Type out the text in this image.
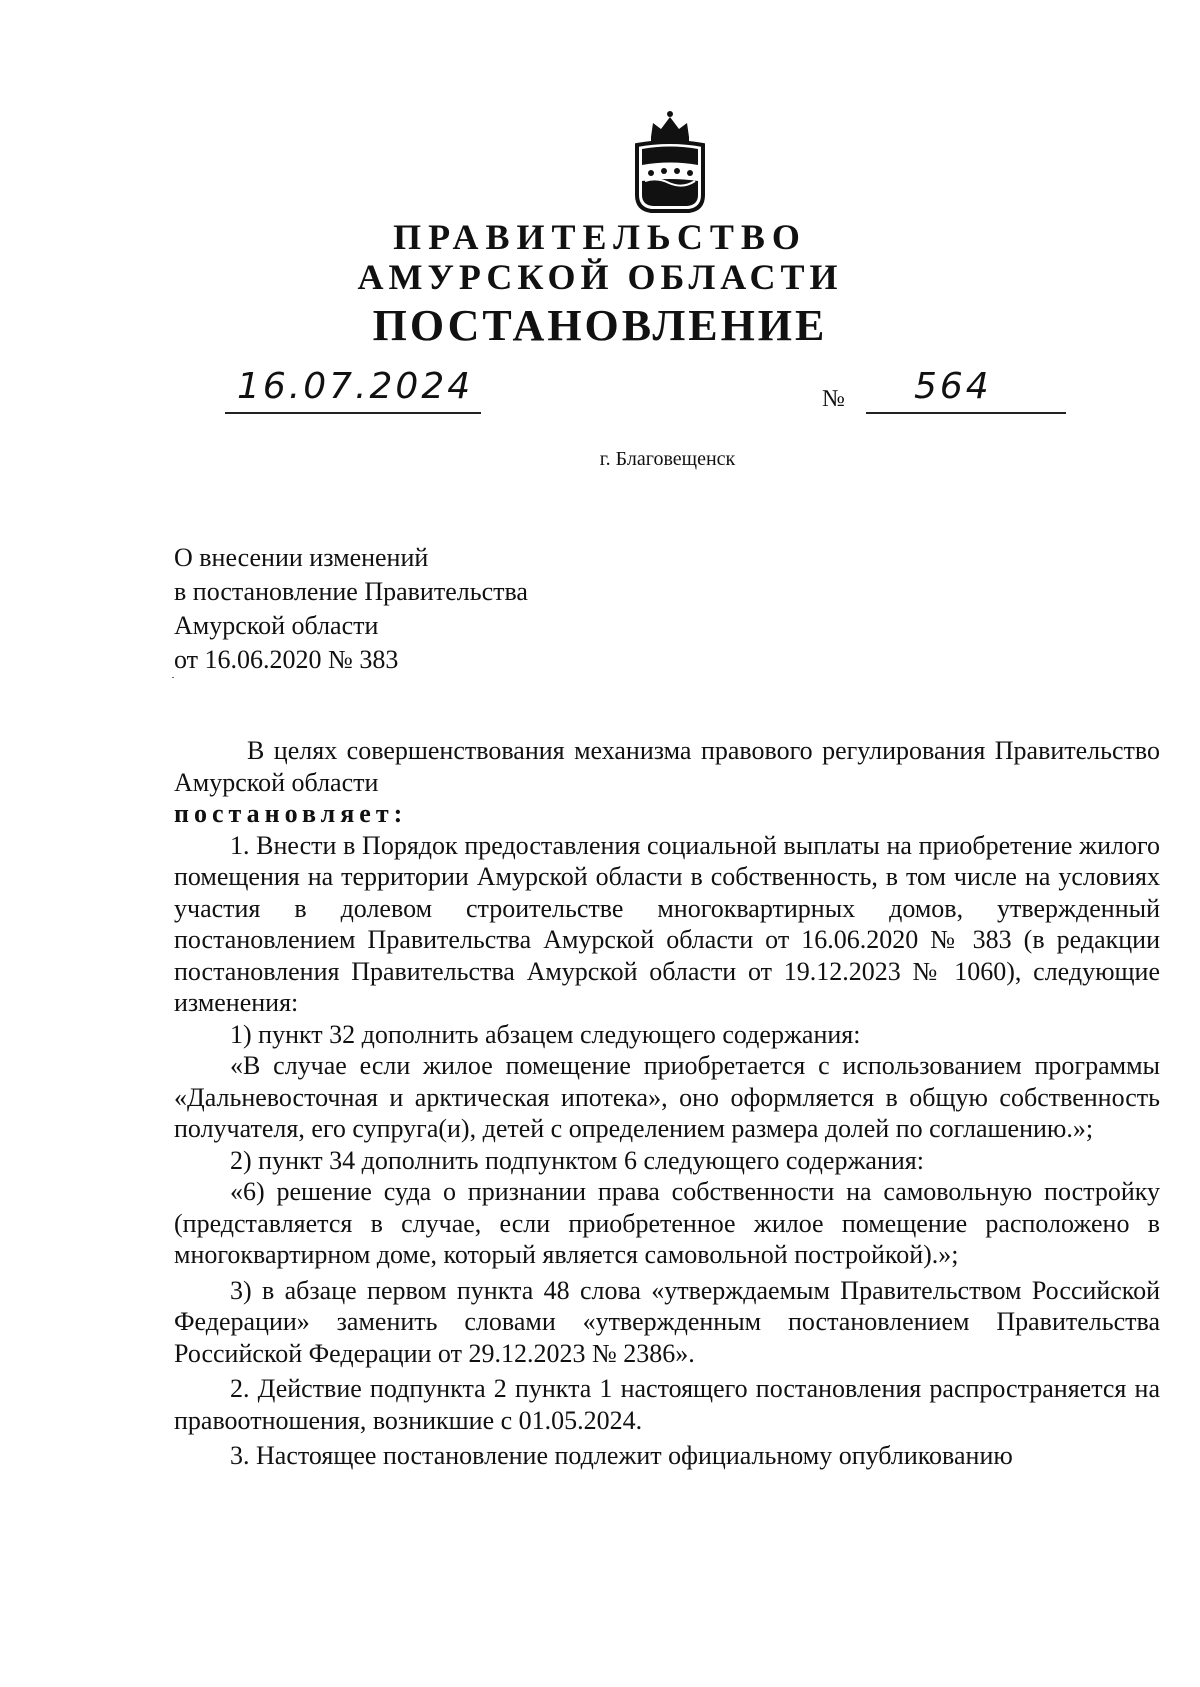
ПРАВИТЕЛЬСТВО
АМУРСКОЙ ОБЛАСТИ
ПОСТАНОВЛЕНИЕ
16.07.2024	№ 564
г. Благовещенск
О внесении изменений
в постановление Правительства
Амурской области
от 16.06.2020 № 383

В целях совершенствования механизма правового регулирования Правительство Амурской области

постановляет:

1. Внести в Порядок предоставления социальной выплаты на приобретение жилого помещения на территории Амурской области в собственность, в том числе на условиях участия в долевом строительстве многоквартирных домов, утвержденный постановлением Правительства Амурской области от 16.06.2020 № 383 (в редакции постановления Правительства Амурской области от 19.12.2023 № 1060), следующие изменения:

1) пункт 32 дополнить абзацем следующего содержания:

«В случае если жилое помещение приобретается с использованием программы «Дальневосточная и арктическая ипотека», оно оформляется в общую собственность получателя, его супруга(и), детей с определением размера долей по соглашению.»;

2) пункт 34 дополнить подпунктом 6 следующего содержания:

«6) решение суда о признании права собственности на самовольную постройку (представляется в случае, если приобретенное жилое помещение расположено в многоквартирном доме, который является самовольной постройкой).»;

3) в абзаце первом пункта 48 слова «утверждаемым Правительством Российской Федерации» заменить словами «утвержденным постановлением Правительства Российской Федерации от 29.12.2023 № 2386».

2. Действие подпункта 2 пункта 1 настоящего постановления распространяется на правоотношения, возникшие с 01.05.2024.

3. Настоящее постановление подлежит официальному опубликованию
